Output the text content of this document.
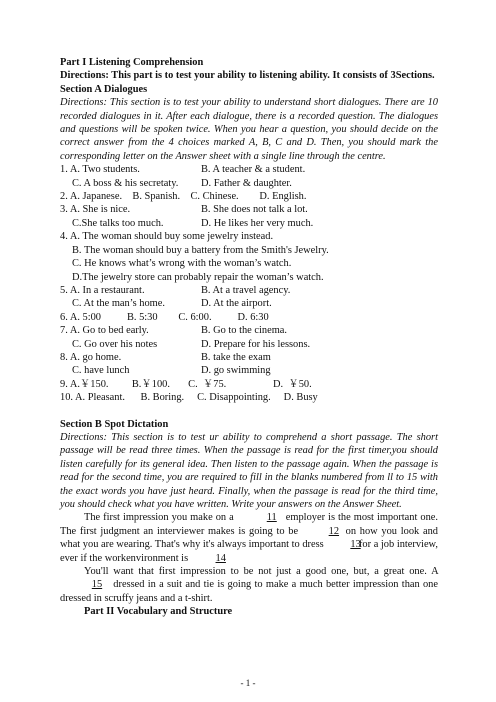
Part I Listening Comprehension
Directions: This part is to test your ability to listening ability. It consists of 3Sections.
Section A Dialogues
Directions: This section is to test your ability to understand short dialogues. There are 10 recorded dialogues in it. After each dialogue, there is a recorded question. The dialogues and questions will be spoken twice. When you hear a question, you should decide on the correct answer from the 4 choices marked A, B, C and D. Then, you should mark the corresponding letter on the Answer sheet with a single line through the centre.
1. A. Two students.	B. A teacher & a student.
C. A boss & his secretaty.	D. Father & daughter.
2. A. Japanese.    B. Spanish.    C. Chinese.        D. English.
3. A. She is nice.	B. She does not talk a lot.
C.She talks too much.	D. He likes her very much.
4. A. The woman should buy some jewelry instead.
B. The woman should buy a battery from the Smith's Jewelry.
C. He knows what’s wrong with the woman’s watch.
D.The jewelry store can probably repair the woman’s watch.
5. A. In a restaurant.	B. At a travel agency.
C. At the man’s home.	D. At the airport.
6. A. 5:00          B. 5:30        C. 6:00.          D. 6:30
7. A. Go to bed early.	B. Go to the cinema.
C. Go over his notes	D. Prepare for his lessons.
8. A. go home.	B. take the exam
C. have lunch	D. go swimming
9. A.￥150.         B.￥100.       C.  ￥75.                  D.  ￥50.
10. A. Pleasant.      B. Boring.     C. Disappointing.     D. Busy
Section B Spot Dictation
Directions: This section is to test ur ability to comprehend a short passage. The short passage will be read three times. When the passage is read for the first timer,you should listen carefully for its general idea. Then listen to the passage again. When the passage is read for the second time, you are required to fill in the blanks numbered from ll to 15 with the exact words you have just heard. Finally, when the passage is read for the third time, you should check what you have written. Write your answers on the Answer Sheet.
The first impression you make on a	11 employer is the most important one. The first judgment an interviewer makes is going to be	12 on how you look and what you are wearing. That's why it's always important to dress	13 for a job interview, ever if the workenvironment is	14
You'll want that first impression to be not just a good one, but, a great one. A 15 dressed in a suit and tie is going to make a much better impression than one dressed in scruffy jeans and a t-shirt.
Part II Vocabulary and Structure
- 1 -
